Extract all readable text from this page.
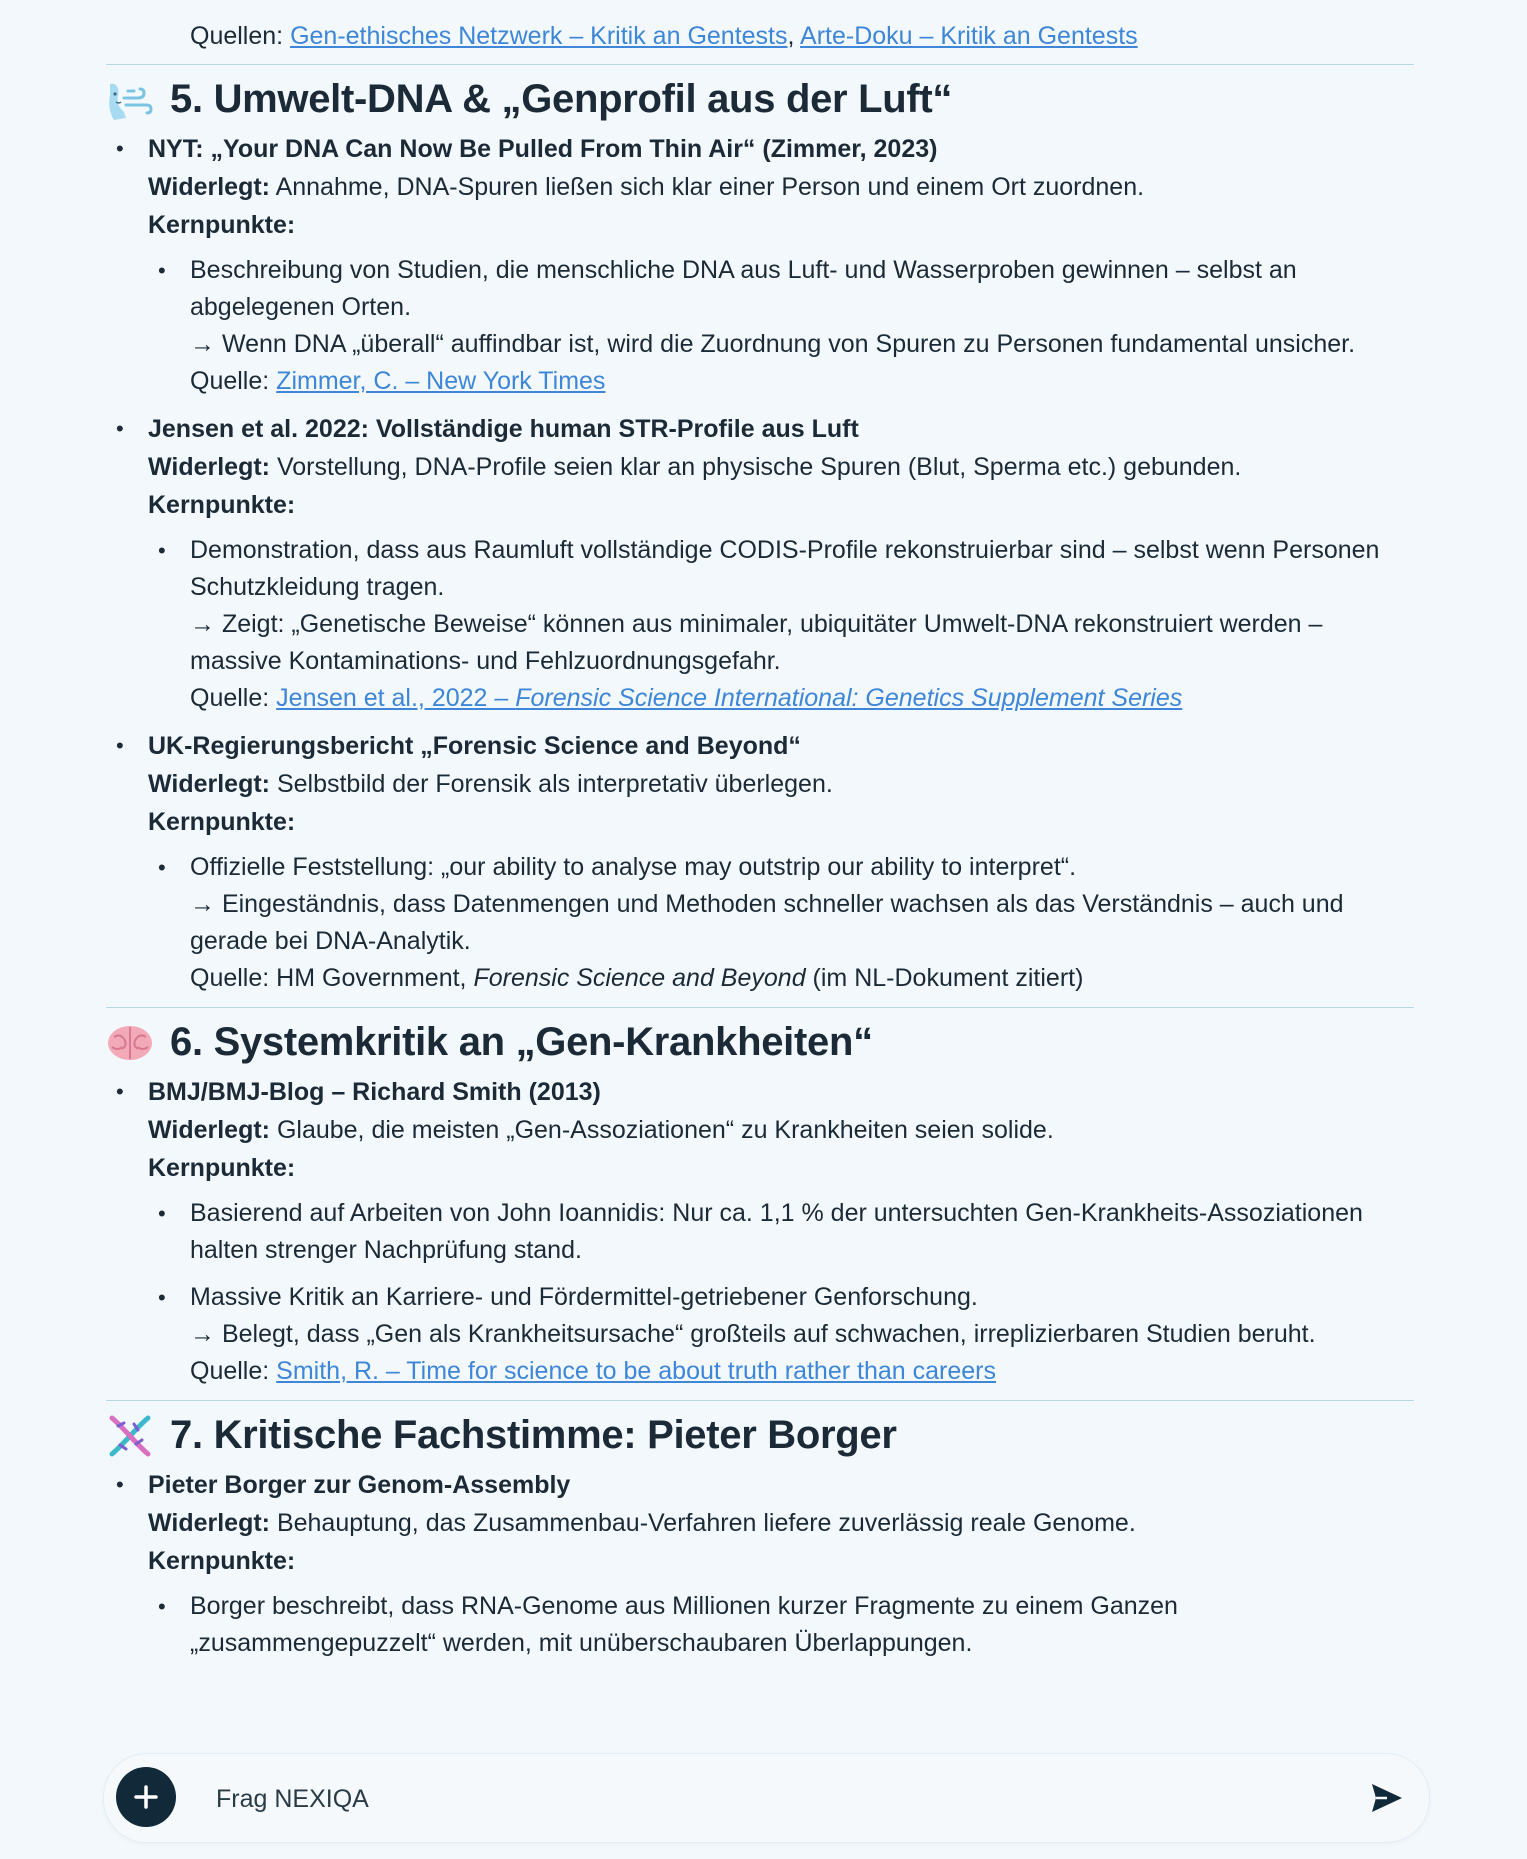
Quellen: Gen-ethisches Netzwerk – Kritik an Gentests, Arte-Doku – Kritik an Gentests
5. Umwelt-DNA & „Genprofil aus der Luft“
• NYT: „Your DNA Can Now Be Pulled From Thin Air“ (Zimmer, 2023)
Widerlegt: Annahme, DNA-Spuren ließen sich klar einer Person und einem Ort zuordnen.
Kernpunkte:
• Beschreibung von Studien, die menschliche DNA aus Luft- und Wasserproben gewinnen – selbst an abgelegenen Orten.
→ Wenn DNA „überall“ auffindbar ist, wird die Zuordnung von Spuren zu Personen fundamental unsicher.
Quelle: Zimmer, C. – New York Times
• Jensen et al. 2022: Vollständige human STR-Profile aus Luft
Widerlegt: Vorstellung, DNA-Profile seien klar an physische Spuren (Blut, Sperma etc.) gebunden.
Kernpunkte:
• Demonstration, dass aus Raumluft vollständige CODIS-Profile rekonstruierbar sind – selbst wenn Personen Schutzkleidung tragen.
→ Zeigt: „Genetische Beweise“ können aus minimaler, ubiquitäter Umwelt-DNA rekonstruiert werden – massive Kontaminations- und Fehlzuordnungsgefahr.
Quelle: Jensen et al., 2022 – Forensic Science International: Genetics Supplement Series
• UK-Regierungsbericht „Forensic Science and Beyond“
Widerlegt: Selbstbild der Forensik als interpretativ überlegen.
Kernpunkte:
• Offizielle Feststellung: „our ability to analyse may outstrip our ability to interpret“.
→ Eingeständnis, dass Datenmengen und Methoden schneller wachsen als das Verständnis – auch und gerade bei DNA-Analytik.
Quelle: HM Government, Forensic Science and Beyond (im NL-Dokument zitiert)
6. Systemkritik an „Gen-Krankheiten“
• BMJ/BMJ-Blog – Richard Smith (2013)
Widerlegt: Glaube, die meisten „Gen-Assoziationen“ zu Krankheiten seien solide.
Kernpunkte:
• Basierend auf Arbeiten von John Ioannidis: Nur ca. 1,1 % der untersuchten Gen-Krankheits-Assoziationen halten strenger Nachprüfung stand.
• Massive Kritik an Karriere- und Fördermittel-getriebener Genforschung.
→ Belegt, dass „Gen als Krankheitsursache“ großteils auf schwachen, irreplizierbaren Studien beruht.
Quelle: Smith, R. – Time for science to be about truth rather than careers
7. Kritische Fachstimme: Pieter Borger
• Pieter Borger zur Genom-Assembly
Widerlegt: Behauptung, das Zusammenbau-Verfahren liefere zuverlässig reale Genome.
Kernpunkte:
• Borger beschreibt, dass RNA-Genome aus Millionen kurzer Fragmente zu einem Ganzen „zusammengepuzzelt“ werden, mit unüberschaubaren Überlappungen.
Frag NEXIQA
